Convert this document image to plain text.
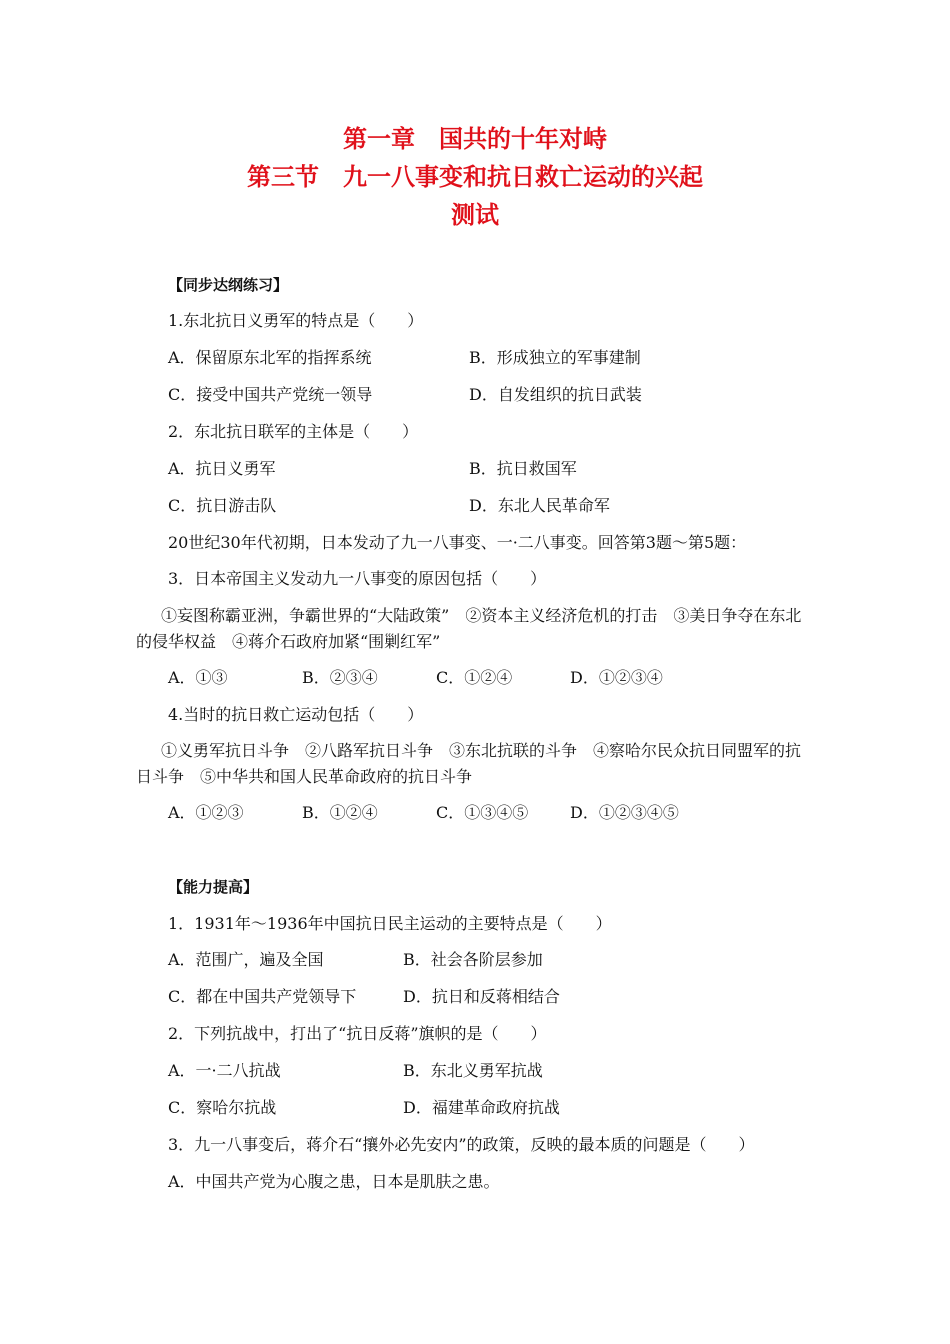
第一章　国共的十年对峙
第三节　九一八事变和抗日救亡运动的兴起
测试
【同步达纲练习】
1.东北抗日义勇军的特点是（　　）
A．保留原东北军的指挥系统	B．形成独立的军事建制
C．接受中国共产党统一领导	D．自发组织的抗日武装
2．东北抗日联军的主体是（　　）
A．抗日义勇军	B．抗日救国军
C．抗日游击队	D．东北人民革命军
20世纪30年代初期，日本发动了九一八事变、一·二八事变。回答第3题～第5题：
3．日本帝国主义发动九一八事变的原因包括（　　）
①妄图称霸亚洲，争霸世界的“大陆政策”　②资本主义经济危机的打击　③美日争夺在东北的侵华权益　④蒋介石政府加紧“围剿红军”
A．①③	B．②③④	C．①②④	D．①②③④
4.当时的抗日救亡运动包括（　　）
①义勇军抗日斗争　②八路军抗日斗争　③东北抗联的斗争　④察哈尔民众抗日同盟军的抗日斗争　⑤中华共和国人民革命政府的抗日斗争
A．①②③	B．①②④	C．①③④⑤	D．①②③④⑤
【能力提高】
1．1931年～1936年中国抗日民主运动的主要特点是（　　）
A．范围广，遍及全国	B．社会各阶层参加
C．都在中国共产党领导下	D．抗日和反蒋相结合
2．下列抗战中，打出了“抗日反蒋”旗帜的是（　　）
A．一·二八抗战	B．东北义勇军抗战
C．察哈尔抗战	D．福建革命政府抗战
3．九一八事变后，蒋介石“攘外必先安内”的政策，反映的最本质的问题是（　　）
A．中国共产党为心腹之患，日本是肌肤之患。
